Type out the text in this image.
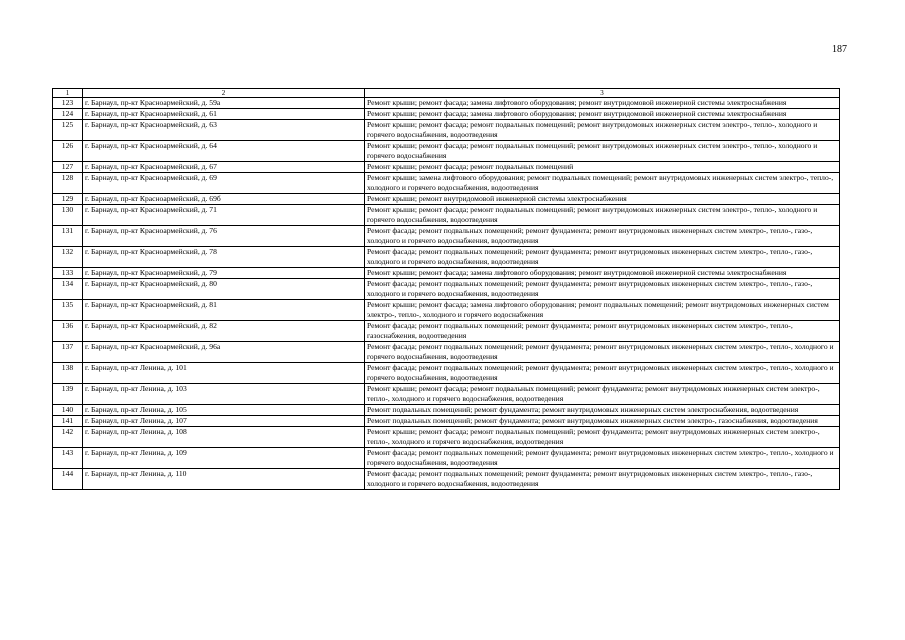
187
1	2	3
123	г. Барнаул, пр-кт Красноармейский, д. 59а	Ремонт крыши; ремонт фасада; замена лифтового оборудования; ремонт внутридомовой инженерной системы электроснабжения
124	г. Барнаул, пр-кт Красноармейский, д. 61	Ремонт крыши; ремонт фасада; замена лифтового оборудования; ремонт внутридомовой инженерной системы электроснабжения
125	г. Барнаул, пр-кт Красноармейский, д. 63	Ремонт крыши; ремонт фасада; ремонт подвальных помещений; ремонт внутридомовых инженерных систем электро-, тепло-, холодного и горячего водоснабжения, водоотведения
126	г. Барнаул, пр-кт Красноармейский, д. 64	Ремонт крыши; ремонт фасада; ремонт подвальных помещений; ремонт внутридомовых инженерных систем электро-, тепло-, холодного и горячего водоснабжения
127	г. Барнаул, пр-кт Красноармейский, д. 67	Ремонт крыши; ремонт фасада; ремонт подвальных помещений
128	г. Барнаул, пр-кт Красноармейский, д. 69	Ремонт крыши; замена лифтового оборудования; ремонт подвальных помещений; ремонт внутридомовых инженерных систем электро-, тепло-, холодного и горячего водоснабжения, водоотведения
129	г. Барнаул, пр-кт Красноармейский, д. 69б	Ремонт крыши; ремонт внутридомовой инженерной системы электроснабжения
130	г. Барнаул, пр-кт Красноармейский, д. 71	Ремонт крыши; ремонт фасада; ремонт подвальных помещений; ремонт внутридомовых инженерных систем электро-, тепло-, холодного и горячего водоснабжения, водоотведения
131	г. Барнаул, пр-кт Красноармейский, д. 76	Ремонт фасада; ремонт подвальных помещений; ремонт фундамента; ремонт внутридомовых инженерных систем электро-, тепло-, газо-, холодного и горячего водоснабжения, водоотведения
132	г. Барнаул, пр-кт Красноармейский, д. 78	Ремонт фасада; ремонт подвальных помещений; ремонт фундамента; ремонт внутридомовых инженерных систем электро-, тепло-, газо-, холодного и горячего водоснабжения, водоотведения
133	г. Барнаул, пр-кт Красноармейский, д. 79	Ремонт крыши; ремонт фасада; замена лифтового оборудования; ремонт внутридомовой инженерной системы электроснабжения
134	г. Барнаул, пр-кт Красноармейский, д. 80	Ремонт фасада; ремонт подвальных помещений; ремонт фундамента; ремонт внутридомовых инженерных систем электро-, тепло-, газо-, холодного и горячего водоснабжения, водоотведения
135	г. Барнаул, пр-кт Красноармейский, д. 81	Ремонт крыши; ремонт фасада; замена лифтового оборудования; ремонт подвальных помещений; ремонт внутридомовых инженерных систем электро-, тепло-, холодного и горячего водоснабжения
136	г. Барнаул, пр-кт Красноармейский, д. 82	Ремонт фасада; ремонт подвальных помещений; ремонт фундамента; ремонт внутридомовых инженерных систем электро-, тепло-, газоснабжения, водоотведения
137	г. Барнаул, пр-кт Красноармейский, д. 96а	Ремонт фасада; ремонт подвальных помещений; ремонт фундамента; ремонт внутридомовых инженерных систем электро-, тепло-, холодного и горячего водоснабжения, водоотведения
138	г. Барнаул, пр-кт Ленина, д. 101	Ремонт фасада; ремонт подвальных помещений; ремонт фундамента; ремонт внутридомовых инженерных систем электро-, тепло-, холодного и горячего водоснабжения, водоотведения
139	г. Барнаул, пр-кт Ленина, д. 103	Ремонт крыши; ремонт фасада; ремонт подвальных помещений; ремонт фундамента; ремонт внутридомовых инженерных систем электро-, тепло-, холодного и горячего водоснабжения, водоотведения
140	г. Барнаул, пр-кт Ленина, д. 105	Ремонт подвальных помещений; ремонт фундамента; ремонт внутридомовых инженерных систем электроснабжения, водоотведения
141	г. Барнаул, пр-кт Ленина, д. 107	Ремонт подвальных помещений; ремонт фундамента; ремонт внутридомовых инженерных систем электро-, газоснабжения, водоотведения
142	г. Барнаул, пр-кт Ленина, д. 108	Ремонт крыши; ремонт фасада; ремонт подвальных помещений; ремонт фундамента; ремонт внутридомовых инженерных систем электро-, тепло-, холодного и горячего водоснабжения, водоотведения
143	г. Барнаул, пр-кт Ленина, д. 109	Ремонт фасада; ремонт подвальных помещений; ремонт фундамента; ремонт внутридомовых инженерных систем электро-, тепло-, холодного и горячего водоснабжения, водоотведения
144	г. Барнаул, пр-кт Ленина, д. 110	Ремонт фасада; ремонт подвальных помещений; ремонт фундамента; ремонт внутридомовых инженерных систем электро-, тепло-, газо-, холодного и горячего водоснабжения, водоотведения
